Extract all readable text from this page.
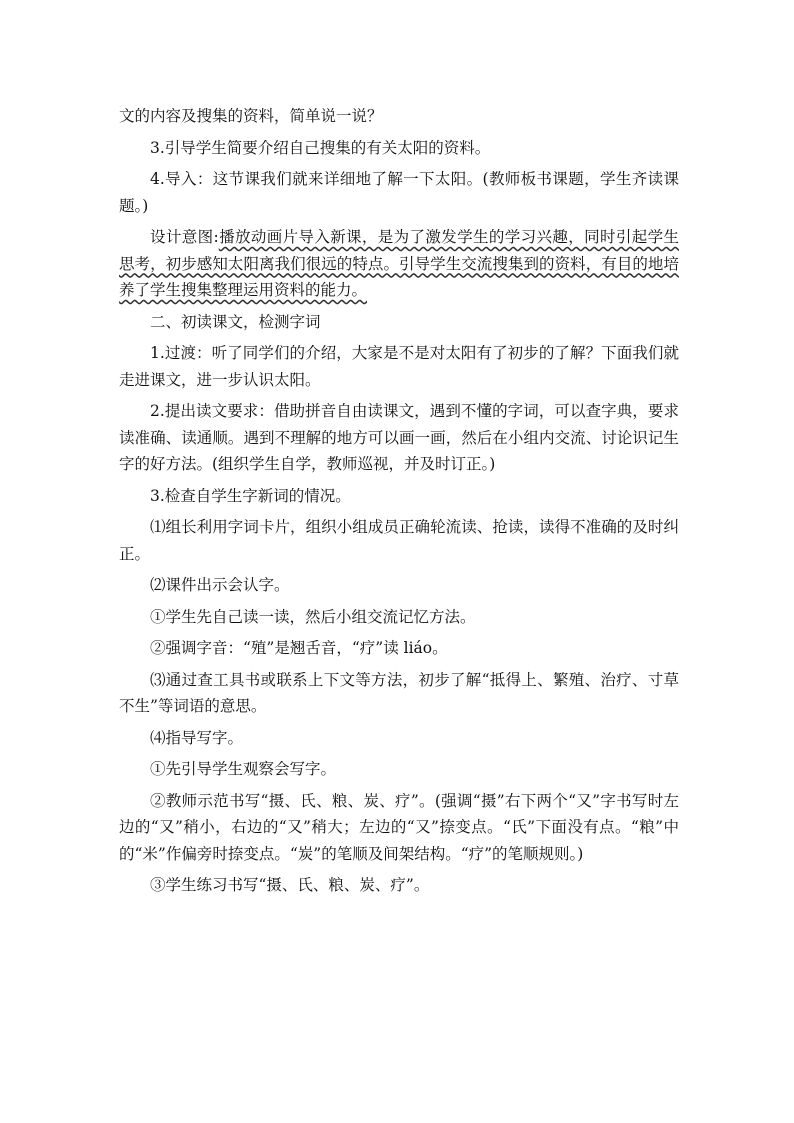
文的内容及搜集的资料，简单说一说？

3.引导学生简要介绍自己搜集的有关太阳的资料。

4.导入：这节课我们就来详细地了解一下太阳。(教师板书课题，学生齐读课题。)

设计意图:播放动画片导入新课，是为了激发学生的学习兴趣，同时引起学生思考，初步感知太阳离我们很远的特点。引导学生交流搜集到的资料，有目的地培养了学生搜集整理运用资料的能力。

二、初读课文，检测字词

1.过渡：听了同学们的介绍，大家是不是对太阳有了初步的了解？下面我们就走进课文，进一步认识太阳。

2.提出读文要求：借助拼音自由读课文，遇到不懂的字词，可以查字典，要求读准确、读通顺。遇到不理解的地方可以画一画，然后在小组内交流、讨论识记生字的好方法。(组织学生自学，教师巡视，并及时订正。)

3.检查自学生字新词的情况。

⑴组长利用字词卡片，组织小组成员正确轮流读、抢读，读得不准确的及时纠正。

⑵课件出示会认字。

①学生先自己读一读，然后小组交流记忆方法。

②强调字音：“殖”是翘舌音，“疗”读 liáo。

⑶通过查工具书或联系上下文等方法，初步了解“抵得上、繁殖、治疗、寸草不生”等词语的意思。

⑷指导写字。

①先引导学生观察会写字。

②教师示范书写“摄、氏、粮、炭、疗”。(强调“摄”右下两个“又”字书写时左边的“又”稍小，右边的“又”稍大；左边的“又”捺变点。“氏”下面没有点。“粮”中的“米”作偏旁时捺变点。“炭”的笔顺及间架结构。“疗”的笔顺规则。)

③学生练习书写“摄、氏、粮、炭、疗”。
